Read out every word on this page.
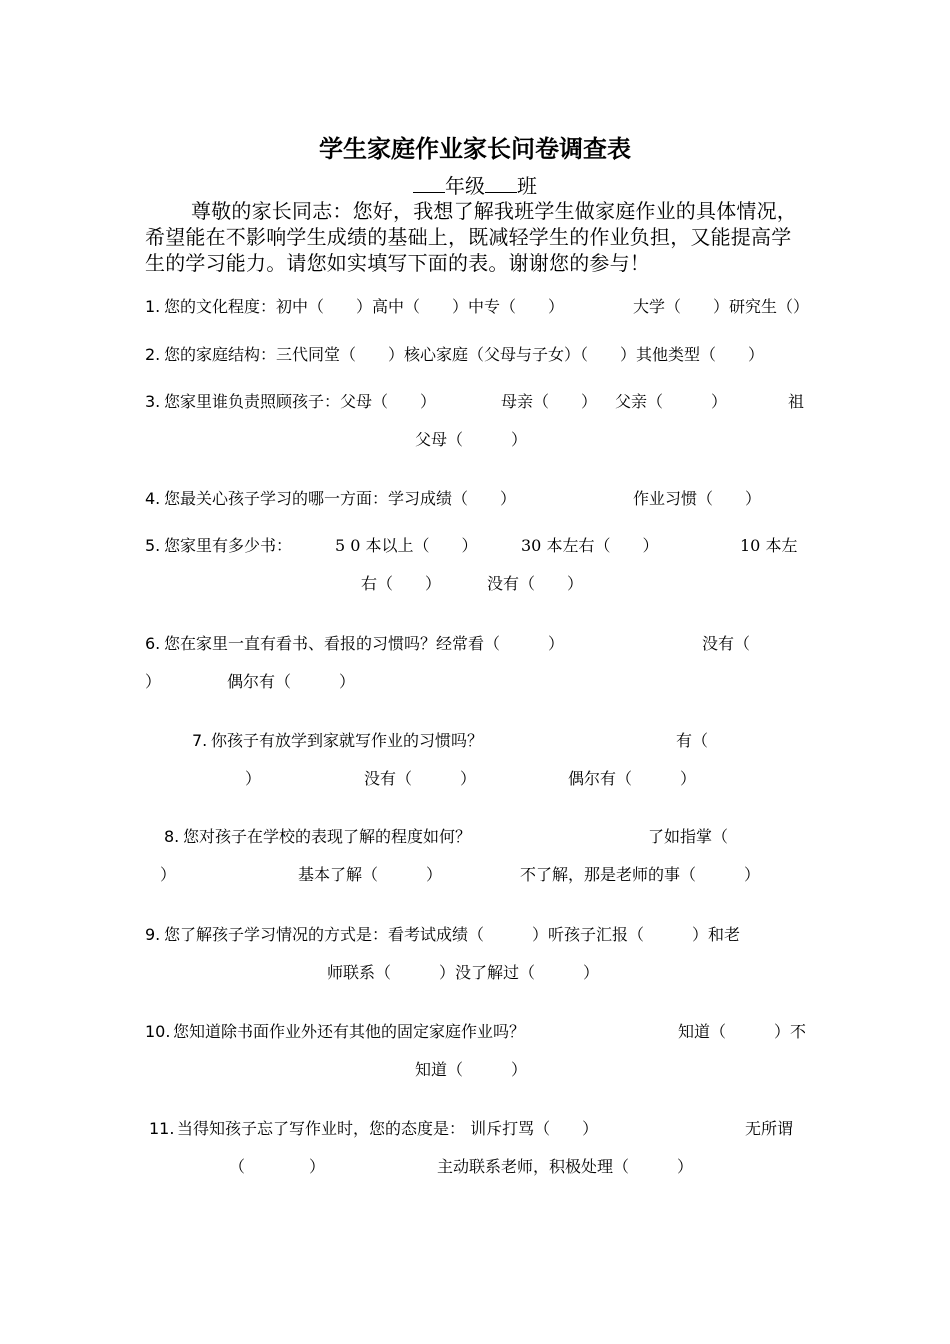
学生家庭作业家长问卷调查表
年级 班
尊敬的家长同志：您好，我想了解我班学生做家庭作业的具体情况，希望能在不影响学生成绩的基础上，既减轻学生的作业负担，又能提高学生的学习能力。请您如实填写下面的表。谢谢您的参与！
1. 您的文化程度：初中（　　）高中（　　）中专（　　）	大学（　　）研究生（）
2. 您的家庭结构：三代同堂（　　）核心家庭（父母与子女）（　　）其他类型（　　）
3. 您家里谁负责照顾孩子：父母（　　）	母亲（　　） 父亲（　　　）	祖
父母（　　　）
4. 您最关心孩子学习的哪一方面：学习成绩（　　）	作业习惯（　　）
5. 您家里有多少书：	5 0 本以上（　　）	30 本左右（　　）	10 本左
右（　　）	没有（　　）
6. 您在家里一直有看书、看报的习惯吗？经常看（　　　）	没有（
）	偶尔有（　　　）
7. 你孩子有放学到家就写作业的习惯吗？	有（
）	没有（　　　）	偶尔有（　　　）
8. 您对孩子在学校的表现了解的程度如何？	了如指掌（
）	基本了解（　　　）	不了解，那是老师的事（　　　）
9. 您了解孩子学习情况的方式是：看考试成绩（　　　）听孩子汇报（　　　）和老
师联系（　　　）没了解过（　　　）
10. 您知道除书面作业外还有其他的固定家庭作业吗？	知道（　　　）不
知道（　　　）
11. 当得知孩子忘了写作业时，您的态度是： 训斥打骂（　　）	无所谓
（　　　　）	主动联系老师，积极处理（　　　）
